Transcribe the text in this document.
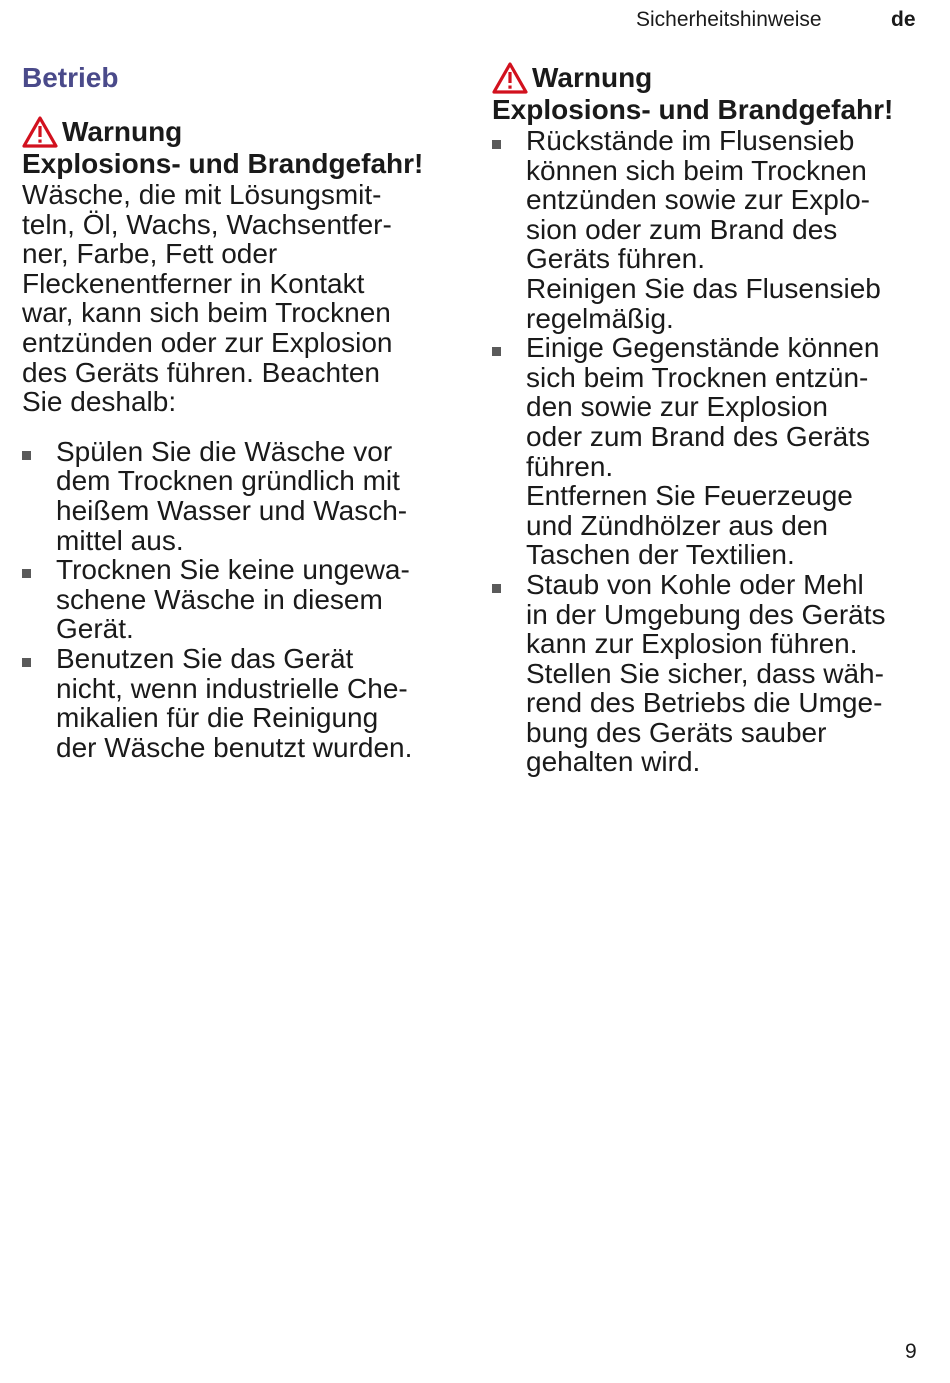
Sicherheitshinweise	de
Betrieb
Warnung
Explosions- und Brandgefahr!
Wäsche, die mit Lösungsmit-
teln, Öl, Wachs, Wachsentfer-
ner, Farbe, Fett oder
Fleckenentferner in Kontakt
war, kann sich beim Trocknen
entzünden oder zur Explosion
des Geräts führen. Beachten
Sie deshalb:
Spülen Sie die Wäsche vor
dem Trocknen gründlich mit
heißem Wasser und Wasch-
mittel aus.
Trocknen Sie keine ungewa-
schene Wäsche in diesem
Gerät.
Benutzen Sie das Gerät
nicht, wenn industrielle Che-
mikalien für die Reinigung
der Wäsche benutzt wurden.
Warnung
Explosions- und Brandgefahr!
Rückstände im Flusensieb
können sich beim Trocknen
entzünden sowie zur Explo-
sion oder zum Brand des
Geräts führen.
Reinigen Sie das Flusensieb
regelmäßig.
Einige Gegenstände können
sich beim Trocknen entzün-
den sowie zur Explosion
oder zum Brand des Geräts
führen.
Entfernen Sie Feuerzeuge
und Zündhölzer aus den
Taschen der Textilien.
Staub von Kohle oder Mehl
in der Umgebung des Geräts
kann zur Explosion führen.
Stellen Sie sicher, dass wäh-
rend des Betriebs die Umge-
bung des Geräts sauber
gehalten wird.
9
